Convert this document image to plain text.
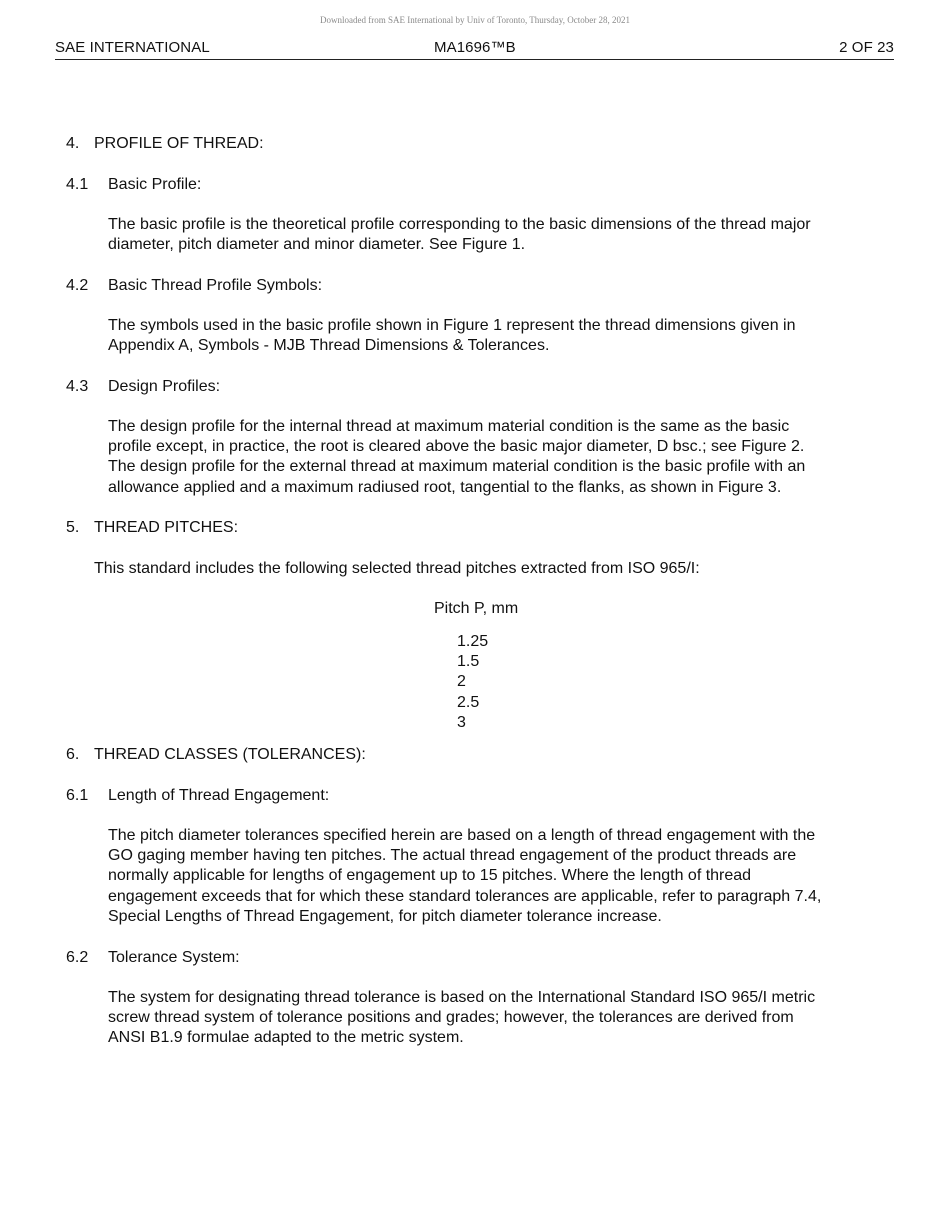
Downloaded from SAE International by Univ of Toronto, Thursday, October 28, 2021
SAE INTERNATIONAL	MA1696™B	2 OF 23
4. PROFILE OF THREAD:
4.1 Basic Profile:
The basic profile is the theoretical profile corresponding to the basic dimensions of the thread major
diameter, pitch diameter and minor diameter. See Figure 1.
4.2 Basic Thread Profile Symbols:
The symbols used in the basic profile shown in Figure 1 represent the thread dimensions given in
Appendix A, Symbols - MJB Thread Dimensions & Tolerances.
4.3 Design Profiles:
The design profile for the internal thread at maximum material condition is the same as the basic
profile except, in practice, the root is cleared above the basic major diameter, D bsc.; see Figure 2.
The design profile for the external thread at maximum material condition is the basic profile with an
allowance applied and a maximum radiused root, tangential to the flanks, as shown in Figure 3.
5. THREAD PITCHES:
This standard includes the following selected thread pitches extracted from ISO 965/I:
Pitch P, mm
1.25
1.5
2
2.5
3
6. THREAD CLASSES (TOLERANCES):
6.1 Length of Thread Engagement:
The pitch diameter tolerances specified herein are based on a length of thread engagement with the
GO gaging member having ten pitches. The actual thread engagement of the product threads are
normally applicable for lengths of engagement up to 15 pitches. Where the length of thread
engagement exceeds that for which these standard tolerances are applicable, refer to paragraph 7.4,
Special Lengths of Thread Engagement, for pitch diameter tolerance increase.
6.2 Tolerance System:
The system for designating thread tolerance is based on the International Standard ISO 965/I metric
screw thread system of tolerance positions and grades; however, the tolerances are derived from
ANSI B1.9 formulae adapted to the metric system.
